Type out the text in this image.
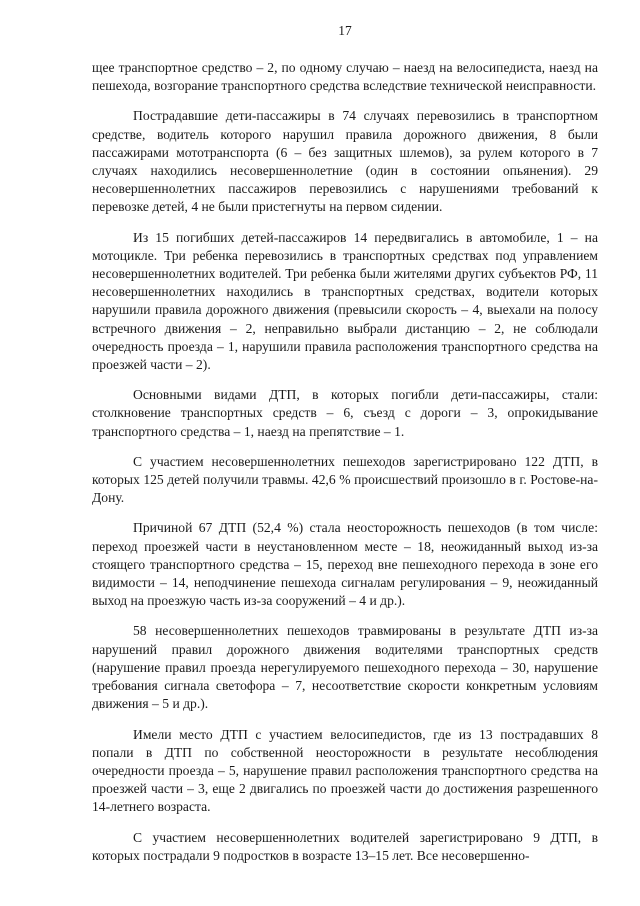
17

щее транспортное средство – 2, по одному случаю – наезд на велосипедиста, наезд на пешехода, возгорание транспортного средства вследствие технической неисправности.

Пострадавшие дети-пассажиры в 74 случаях перевозились в транспортном средстве, водитель которого нарушил правила дорожного движения, 8 были пассажирами мототранспорта (6 – без защитных шлемов), за рулем которого в 7 случаях находились несовершеннолетние (один в состоянии опьянения). 29 несовершеннолетних пассажиров перевозились с нарушениями требований к перевозке детей, 4 не были пристегнуты на первом сидении.

Из 15 погибших детей-пассажиров 14 передвигались в автомобиле, 1 – на мотоцикле. Три ребенка перевозились в транспортных средствах под управлением несовершеннолетних водителей. Три ребенка были жителями других субъектов РФ, 11 несовершеннолетних находились в транспортных средствах, водители которых нарушили правила дорожного движения (превысили скорость – 4, выехали на полосу встречного движения – 2, неправильно выбрали дистанцию – 2, не соблюдали очередность проезда – 1, нарушили правила расположения транспортного средства на проезжей части – 2).

Основными видами ДТП, в которых погибли дети-пассажиры, стали: столкновение транспортных средств – 6, съезд с дороги – 3, опрокидывание транспортного средства – 1, наезд на препятствие – 1.

С участием несовершеннолетних пешеходов зарегистрировано 122 ДТП, в которых 125 детей получили травмы. 42,6 % происшествий произошло в г. Ростове-на-Дону.

Причиной 67 ДТП (52,4 %) стала неосторожность пешеходов (в том числе: переход проезжей части в неустановленном месте – 18, неожиданный выход из-за стоящего транспортного средства – 15, переход вне пешеходного перехода в зоне его видимости – 14, неподчинение пешехода сигналам регулирования – 9, неожиданный выход на проезжую часть из-за сооружений – 4 и др.).

58 несовершеннолетних пешеходов травмированы в результате ДТП из-за нарушений правил дорожного движения водителями транспортных средств (нарушение правил проезда нерегулируемого пешеходного перехода – 30, нарушение требования сигнала светофора – 7, несоответствие скорости конкретным условиям движения – 5 и др.).

Имели место ДТП с участием велосипедистов, где из 13 пострадавших 8 попали в ДТП по собственной неосторожности в результате несоблюдения очередности проезда – 5, нарушение правил расположения транспортного средства на проезжей части – 3, еще 2 двигались по проезжей части до достижения разрешенного 14-летнего возраста.

С участием несовершеннолетних водителей зарегистрировано 9 ДТП, в которых пострадали 9 подростков в возрасте 13–15 лет. Все несовершенно-
